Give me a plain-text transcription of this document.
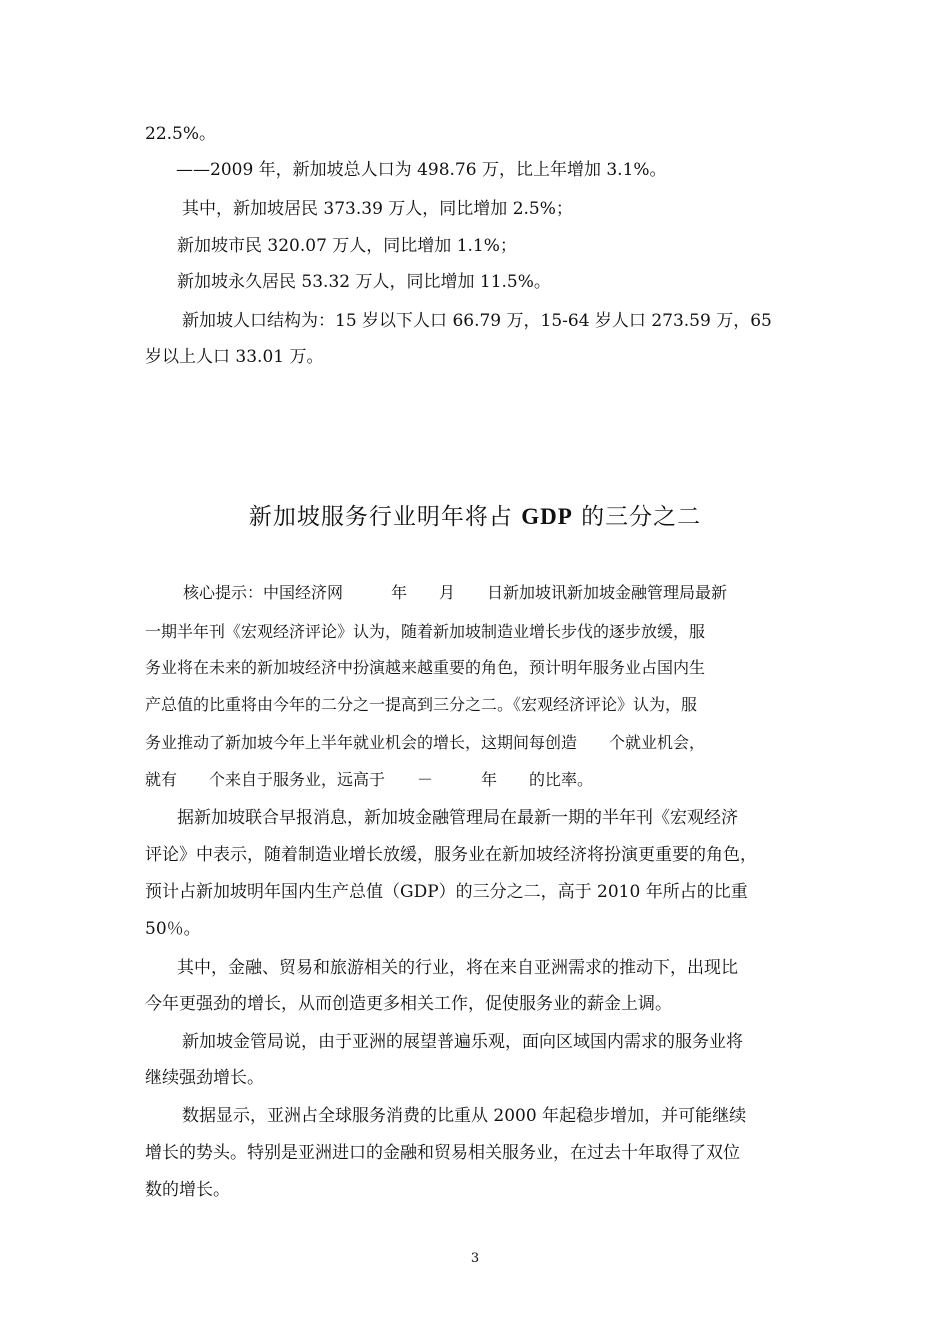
22.5%。
——2009 年，新加坡总人口为 498.76 万，比上年增加 3.1%。
其中，新加坡居民 373.39 万人，同比增加 2.5%；
新加坡市民 320.07 万人，同比增加 1.1%；
新加坡永久居民 53.32 万人，同比增加 11.5%。
新加坡人口结构为：15 岁以下人口 66.79 万，15-64 岁人口 273.59 万，65
岁以上人口 33.01 万。
新加坡服务行业明年将占 GDP 的三分之二
核心提示：中国经济网　　　年　　月　　日新加坡讯新加坡金融管理局最新
一期半年刊《宏观经济评论》认为，随着新加坡制造业增长步伐的逐步放缓，服
务业将在未来的新加坡经济中扮演越来越重要的角色，预计明年服务业占国内生
产总值的比重将由今年的二分之一提高到三分之二。《宏观经济评论》认为，服
务业推动了新加坡今年上半年就业机会的增长，这期间每创造　　个就业机会，
就有　　个来自于服务业，远高于　　－　　　年　　的比率。
据新加坡联合早报消息，新加坡金融管理局在最新一期的半年刊《宏观经济
评论》中表示，随着制造业增长放缓，服务业在新加坡经济将扮演更重要的角色，
预计占新加坡明年国内生产总值（GDP）的三分之二，高于 2010 年所占的比重
50％。
其中，金融、贸易和旅游相关的行业，将在来自亚洲需求的推动下，出现比
今年更强劲的增长，从而创造更多相关工作，促使服务业的薪金上调。
新加坡金管局说，由于亚洲的展望普遍乐观，面向区域国内需求的服务业将
继续强劲增长。
数据显示，亚洲占全球服务消费的比重从 2000 年起稳步增加，并可能继续
增长的势头。特别是亚洲进口的金融和贸易相关服务业，在过去十年取得了双位
数的增长。
3
